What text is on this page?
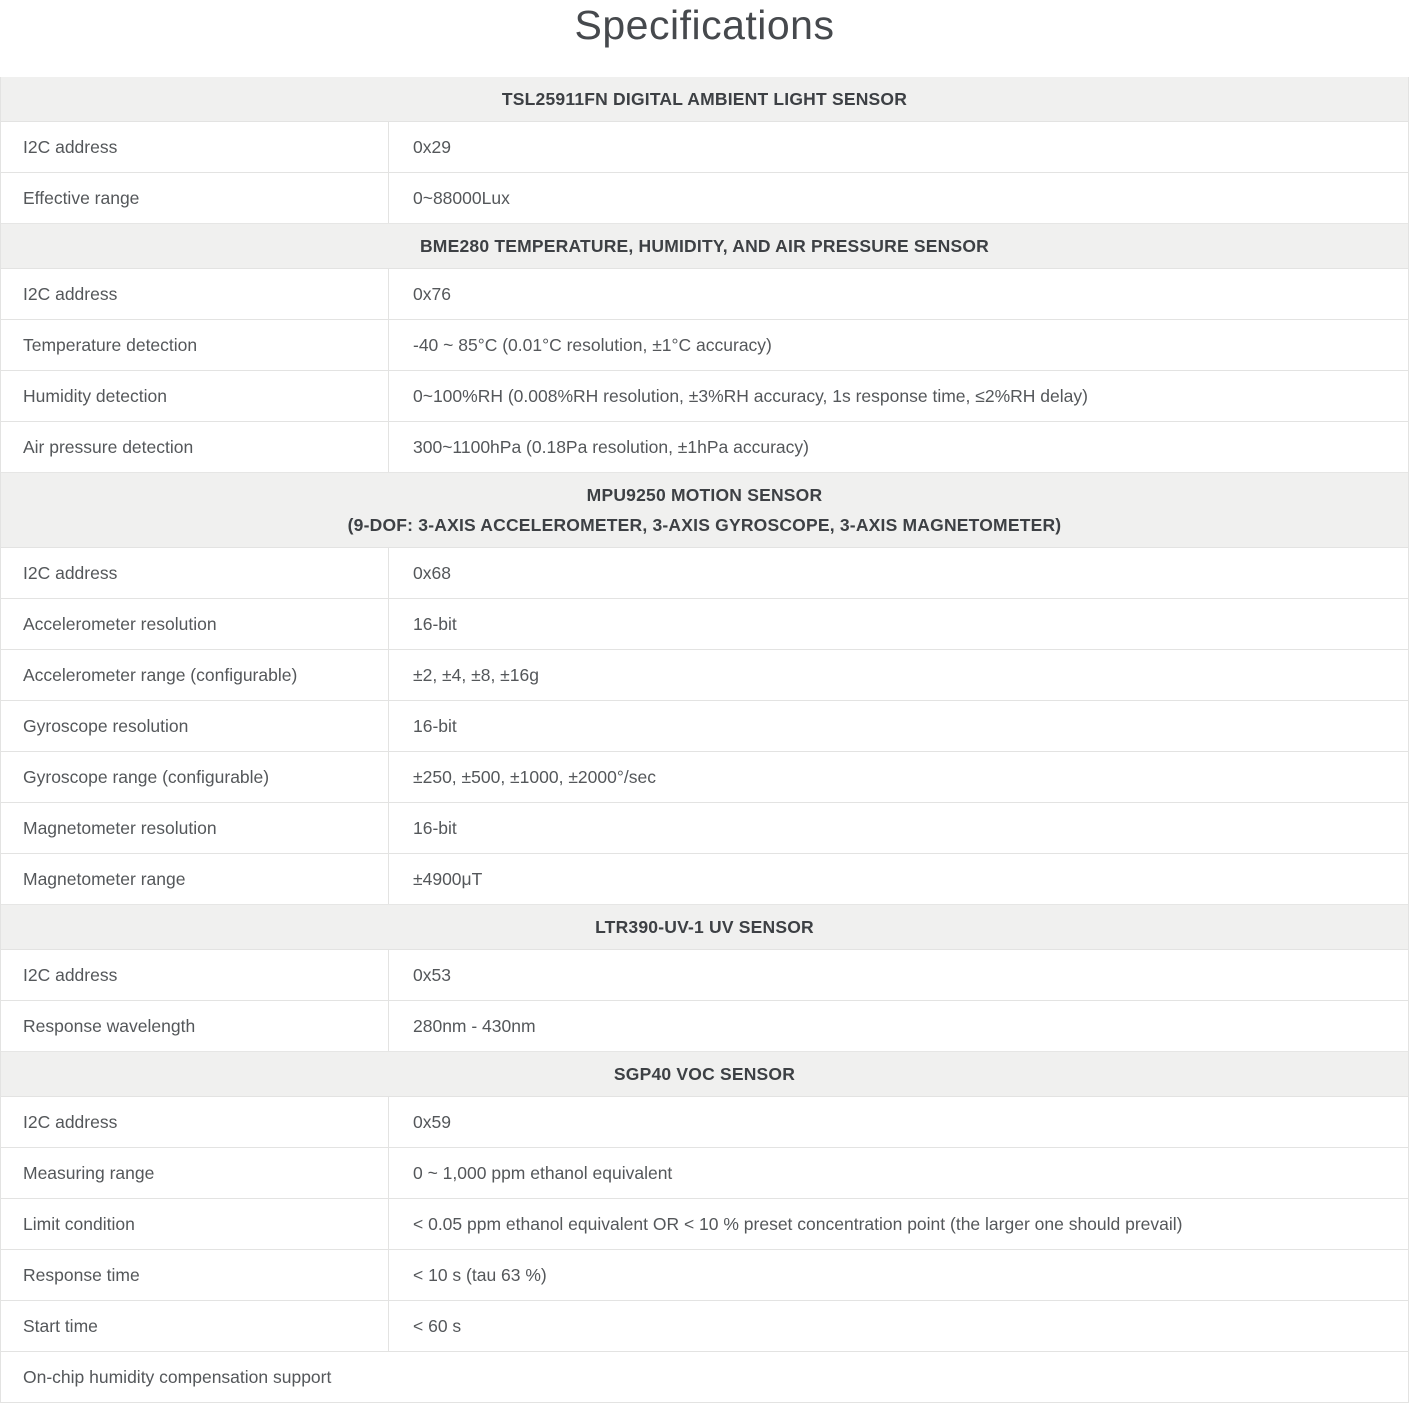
Specifications
TSL25911FN DIGITAL AMBIENT LIGHT SENSOR
I2C address	0x29
Effective range	0~88000Lux
BME280 TEMPERATURE, HUMIDITY, AND AIR PRESSURE SENSOR
I2C address	0x76
Temperature detection	-40 ~ 85°C (0.01°C resolution, ±1°C accuracy)
Humidity detection	0~100%RH (0.008%RH resolution, ±3%RH accuracy, 1s response time, ≤2%RH delay)
Air pressure detection	300~1100hPa (0.18Pa resolution, ±1hPa accuracy)
MPU9250 MOTION SENSOR
(9-DOF: 3-AXIS ACCELEROMETER, 3-AXIS GYROSCOPE, 3-AXIS MAGNETOMETER)
I2C address	0x68
Accelerometer resolution	16-bit
Accelerometer range (configurable)	±2, ±4, ±8, ±16g
Gyroscope resolution	16-bit
Gyroscope range (configurable)	±250, ±500, ±1000, ±2000°/sec
Magnetometer resolution	16-bit
Magnetometer range	±4900μT
LTR390-UV-1 UV SENSOR
I2C address	0x53
Response wavelength	280nm - 430nm
SGP40 VOC SENSOR
I2C address	0x59
Measuring range	0 ~ 1,000 ppm ethanol equivalent
Limit condition	< 0.05 ppm ethanol equivalent OR < 10 % preset concentration point (the larger one should prevail)
Response time	< 10 s (tau 63 %)
Start time	< 60 s
On-chip humidity compensation support
